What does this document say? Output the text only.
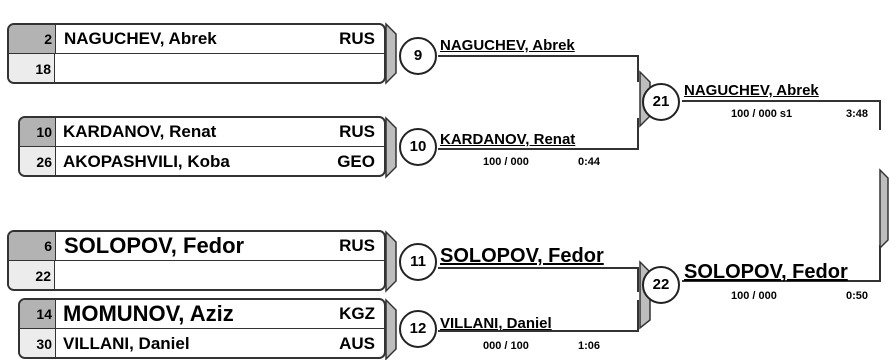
2 NAGUCHEV, Abrek	RUS
18
10 KARDANOV, Renat	RUS
26 AKOPASHVILI, Koba	GEO
6 SOLOPOV, Fedor	RUS
22
14 MOMUNOV, Aziz	KGZ
30 VILLANI, Daniel	AUS
9
NAGUCHEV, Abrek
10 KARDANOV, Renat
100 / 000	0:44
11 SOLOPOV, Fedor
12 VILLANI, Daniel
000 / 100	1:06
21
NAGUCHEV, Abrek
100 / 000 s1	3:48
22
SOLOPOV, Fedor
100 / 000	0:50
